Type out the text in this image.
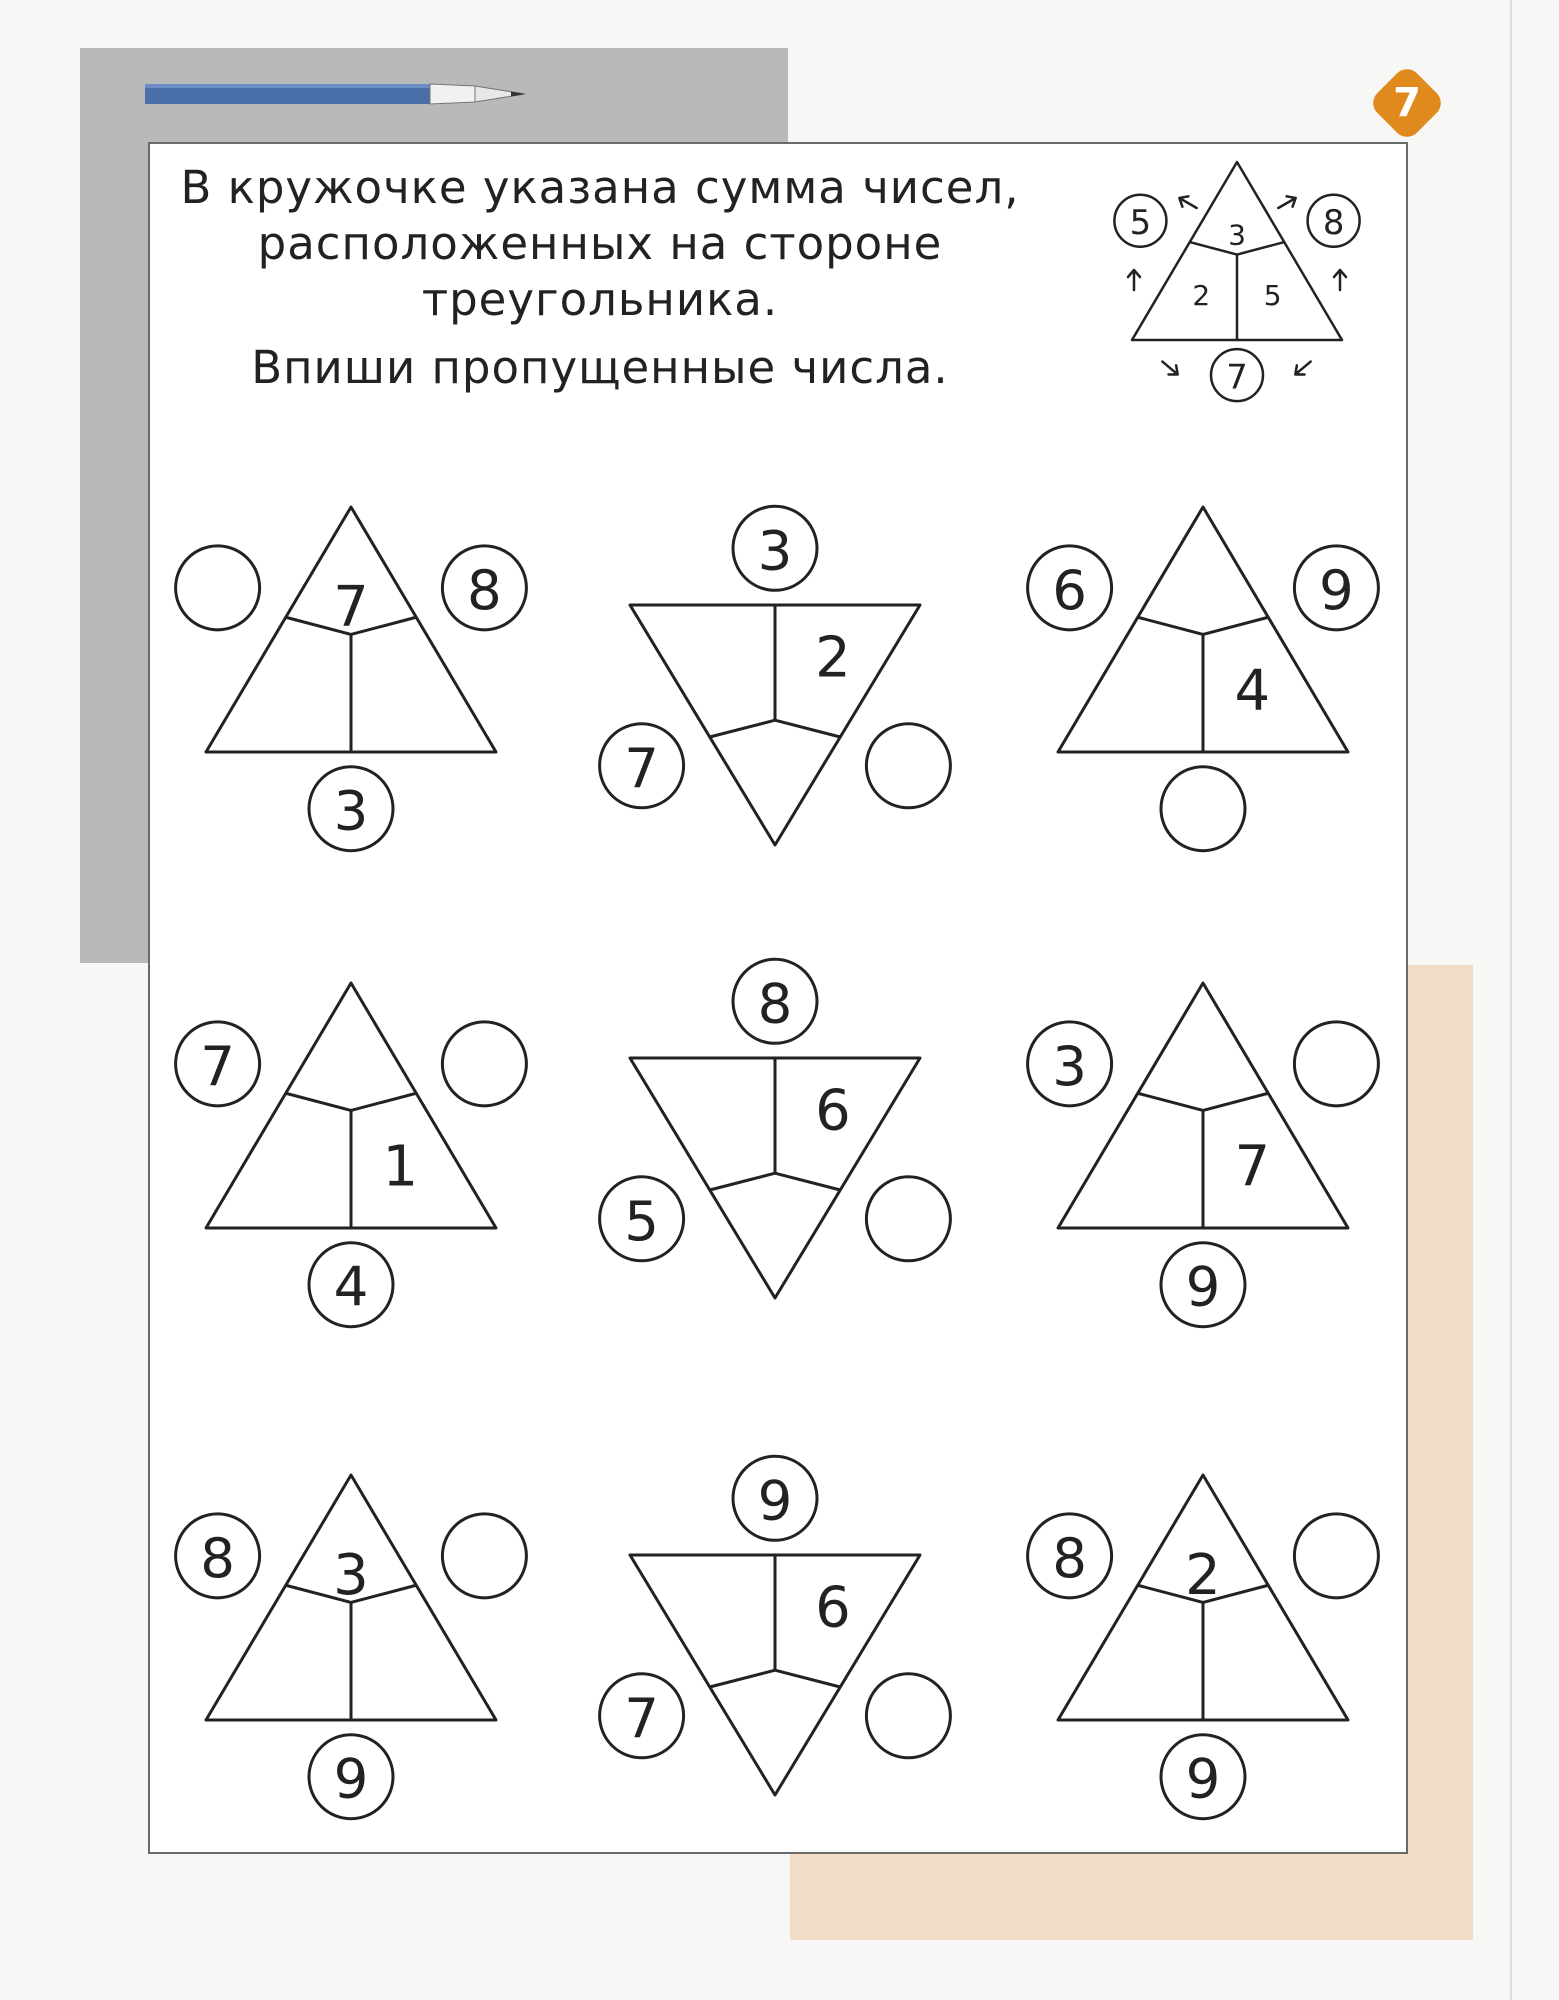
7
В кружочке указана сумма чисел,
расположенных на стороне
треугольника.
Впиши пропущенные числа.
3
2 5
5	8
7
7 8
3
2
3
7
4
6	9
1
7
4
6
8
5
7
3
9
3
8
9
6
9
7
2
8
9
